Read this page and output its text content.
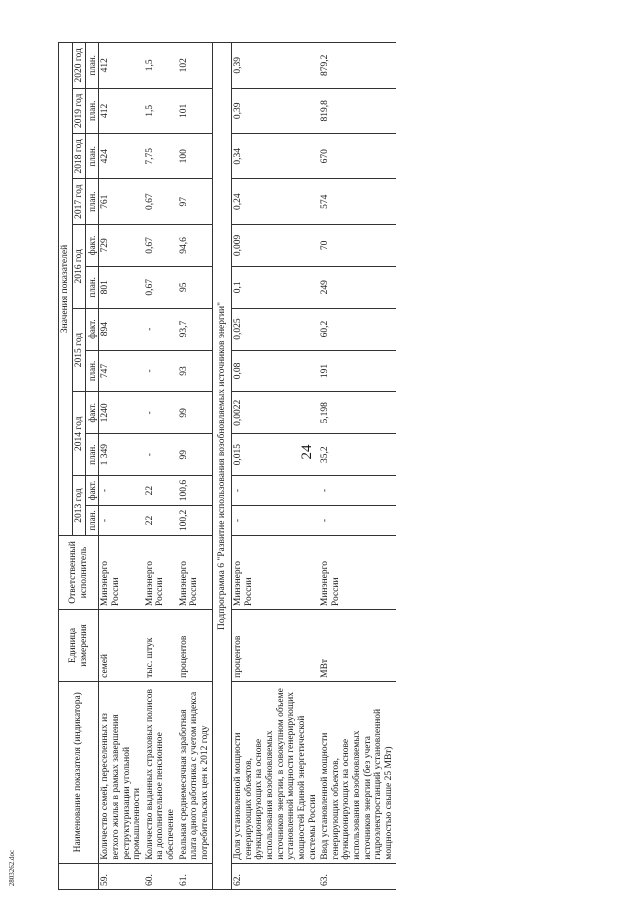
24
	Наименование показателя (индикатора)	Единица измерения	Ответственный исполнитель	Значения показателей											
				2013 год		2014 год		2015 год		2016 год		2017 год	2018 год	2019 год	2020 год
				план.	факт.	план.	факт.	план.	факт.	план.	факт.	план.	план.	план.	план.
59.	Количество семей, переселенных из ветхого жилья в рамках завершения реструктуризации угольной промышленности	семей	Минэнерго России	-	-	1 349	1240	747	894	801	729	761	424	412	412
60.	Количество выданных страховых полисов на дополнительное пенсионное обеспечение	тыс. штук	Минэнерго России	22	22	-	-	-	-	0,67	0,67	0,67	7,75	1,5	1,5
61.	Реальная среднемесячная заработная плата одного работника с учетом индекса потребительских цен к 2012 году	процентов	Минэнерго России	100,2	100,6	99	99	93	93,7	95	94,6	97	100	101	102
Подпрограмма 6 "Развитие использования возобновляемых источников энергии"															
62.	Доля установленной мощности генерирующих объектов, функционирующих на основе использования возобновляемых источников энергии, в совокупном объеме установленной мощности генерирующих мощностей Единой энергетической системы России	процентов	Минэнерго России	-	-	0,015	0,0022	0,08	0,025	0,1	0,009	0,24	0,34	0,39	0,39
63.	Ввод установленной мощности генерирующих объектов, функционирующих на основе использования возобновляемых источников энергии (без учета гидроэлектростанций установленной мощностью свыше 25 МВт)	МВт	Минэнерго России	-	-	35,2	5,198	191	60,2	249	70	574	670	819,8	879,2
2803262.doc
